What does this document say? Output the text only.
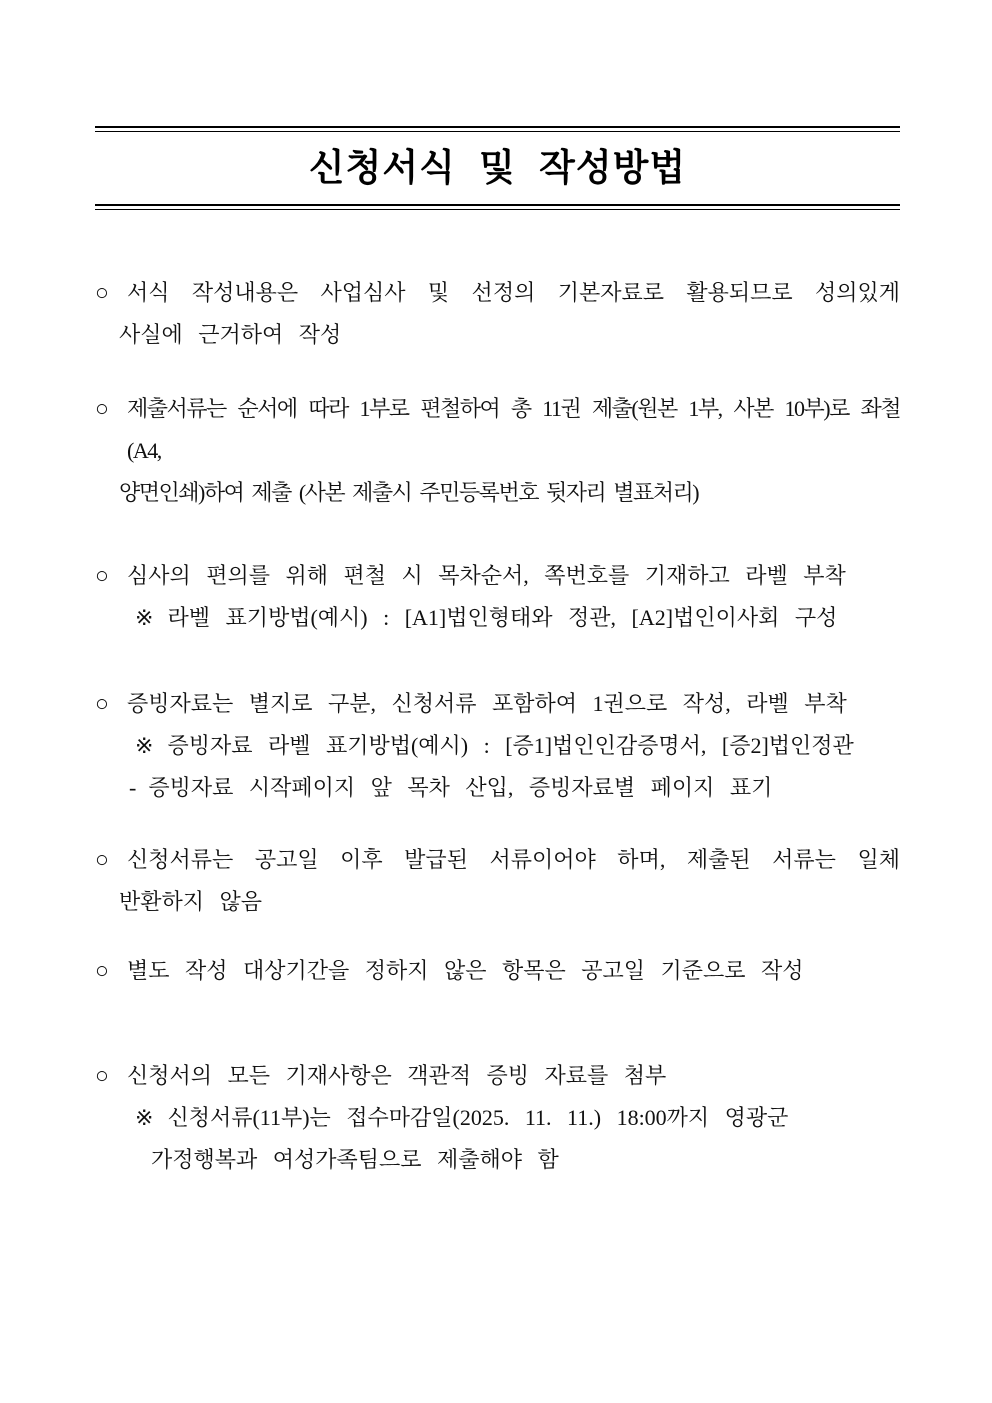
신청서식 및 작성방법
○ 서식 작성내용은 사업심사 및 선정의 기본자료로 활용되므로 성의있게
사실에 근거하여 작성
○ 제출서류는 순서에 따라 1부로 편철하여 총 11권 제출(원본 1부, 사본 10부)로 좌철 (A4,
양면인쇄)하여 제출 (사본 제출시 주민등록번호 뒷자리 별표처리)
○ 심사의 편의를 위해 편철 시 목차순서, 쪽번호를 기재하고 라벨 부착
※ 라벨 표기방법(예시) : [A1]법인형태와 정관, [A2]법인이사회 구성
○ 증빙자료는 별지로 구분, 신청서류 포함하여 1권으로 작성, 라벨 부착
※ 증빙자료 라벨 표기방법(예시) : [증1]법인인감증명서, [증2]법인정관
- 증빙자료 시작페이지 앞 목차 산입, 증빙자료별 페이지 표기
○ 신청서류는 공고일 이후 발급된 서류이어야 하며, 제출된 서류는 일체
반환하지 않음
○ 별도 작성 대상기간을 정하지 않은 항목은 공고일 기준으로 작성
○ 신청서의 모든 기재사항은 객관적 증빙 자료를 첨부
※ 신청서류(11부)는 접수마감일(2025. 11. 11.) 18:00까지 영광군
가정행복과 여성가족팀으로 제출해야 함
